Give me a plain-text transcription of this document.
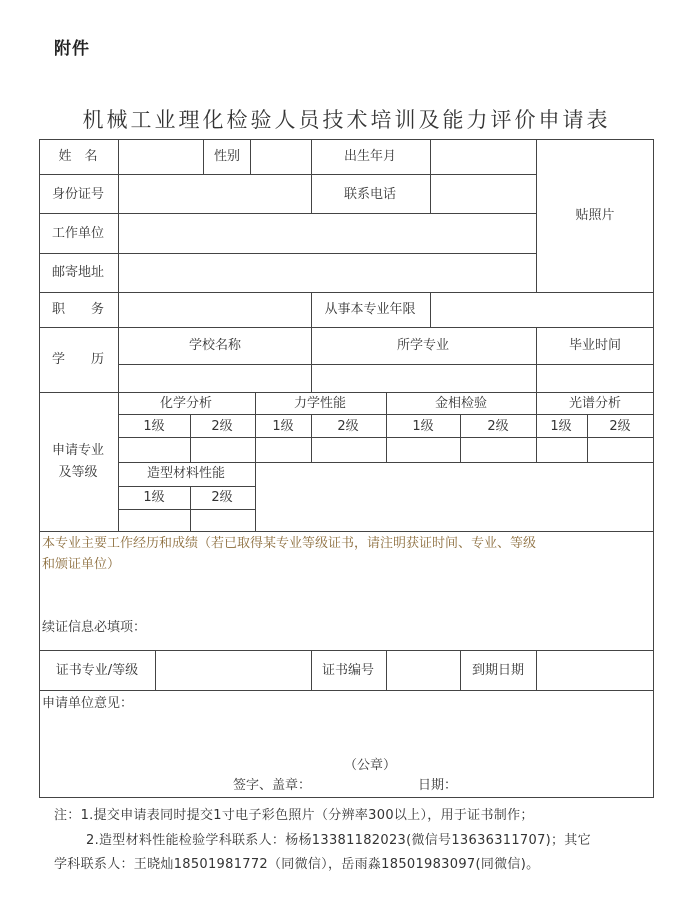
附件
机械工业理化检验人员技术培训及能力评价申请表
姓　名	性别	出生年月
贴照片
身份证号	联系电话
工作单位
邮寄地址
职　　务	从事本专业年限
学　　历
学校名称	所学专业	毕业时间
申请专业
及等级
化学分析	力学性能	金相检验	光谱分析
1级	2级	1级	2级	1级	2级	1级	2级
造型材料性能
1级	2级
本专业主要工作经历和成绩（若已取得某专业等级证书，请注明获证时间、专业、等级
和颁证单位）
续证信息必填项：
证书专业/等级	证书编号	到期日期
申请单位意见：
（公章）
签字、盖章：	日期：
注：1.提交申请表同时提交1寸电子彩色照片（分辨率300以上），用于证书制作；
2.造型材料性能检验学科联系人：杨杨13381182023(微信号13636311707)；其它
学科联系人：王晓灿18501981772（同微信），岳雨淼18501983097(同微信)。
